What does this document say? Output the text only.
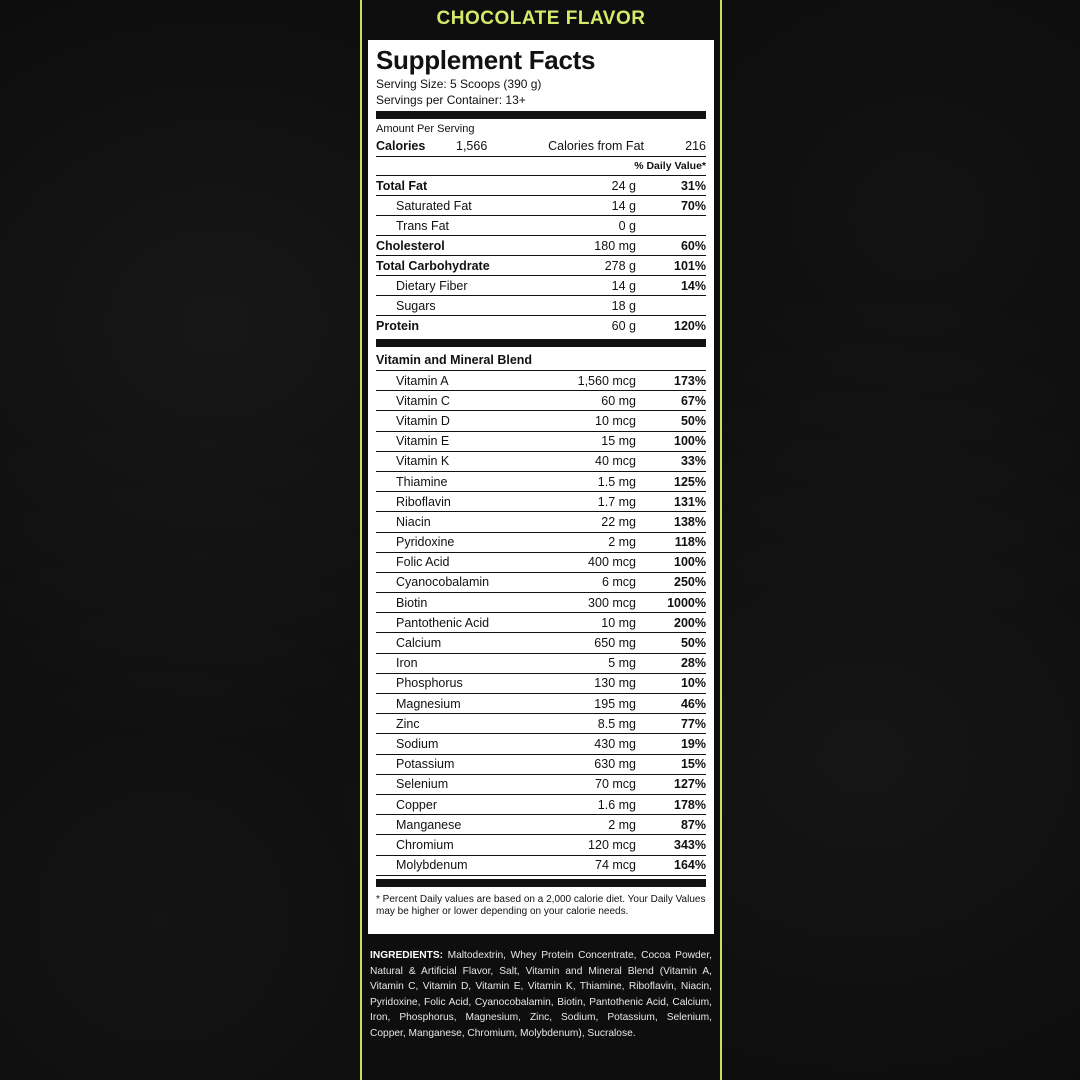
CHOCOLATE FLAVOR
Supplement Facts
Serving Size: 5 Scoops (390 g)
Servings per Container: 13+
Amount Per Serving
Calories	1,566	Calories from Fat	216
% Daily Value*
Total Fat	24 g	31%
Saturated Fat	14 g	70%
Trans Fat	0 g
Cholesterol	180 mg	60%
Total Carbohydrate	278 g	101%
Dietary Fiber	14 g	14%
Sugars	18 g
Protein	60 g	120%
Vitamin and Mineral Blend
Vitamin A	1,560 mcg	173%
Vitamin C	60 mg	67%
Vitamin D	10 mcg	50%
Vitamin E	15 mg	100%
Vitamin K	40 mcg	33%
Thiamine	1.5 mg	125%
Riboflavin	1.7 mg	131%
Niacin	22 mg	138%
Pyridoxine	2 mg	118%
Folic Acid	400 mcg	100%
Cyanocobalamin	6 mcg	250%
Biotin	300 mcg	1000%
Pantothenic Acid	10 mg	200%
Calcium	650 mg	50%
Iron	5 mg	28%
Phosphorus	130 mg	10%
Magnesium	195 mg	46%
Zinc	8.5 mg	77%
Sodium	430 mg	19%
Potassium	630 mg	15%
Selenium	70 mcg	127%
Copper	1.6 mg	178%
Manganese	2 mg	87%
Chromium	120 mcg	343%
Molybdenum	74 mcg	164%
* Percent Daily values are based on a 2,000 calorie diet. Your Daily Values may be higher or lower depending on your calorie needs.
INGREDIENTS: Maltodextrin, Whey Protein Concentrate, Cocoa Powder, Natural & Artificial Flavor, Salt, Vitamin and Mineral Blend (Vitamin A, Vitamin C, Vitamin D, Vitamin E, Vitamin K, Thiamine, Riboflavin, Niacin, Pyridoxine, Folic Acid, Cyanocobalamin, Biotin, Pantothenic Acid, Calcium, Iron, Phosphorus, Magnesium, Zinc, Sodium, Potassium, Selenium, Copper, Manganese, Chromium, Molybdenum), Sucralose.
